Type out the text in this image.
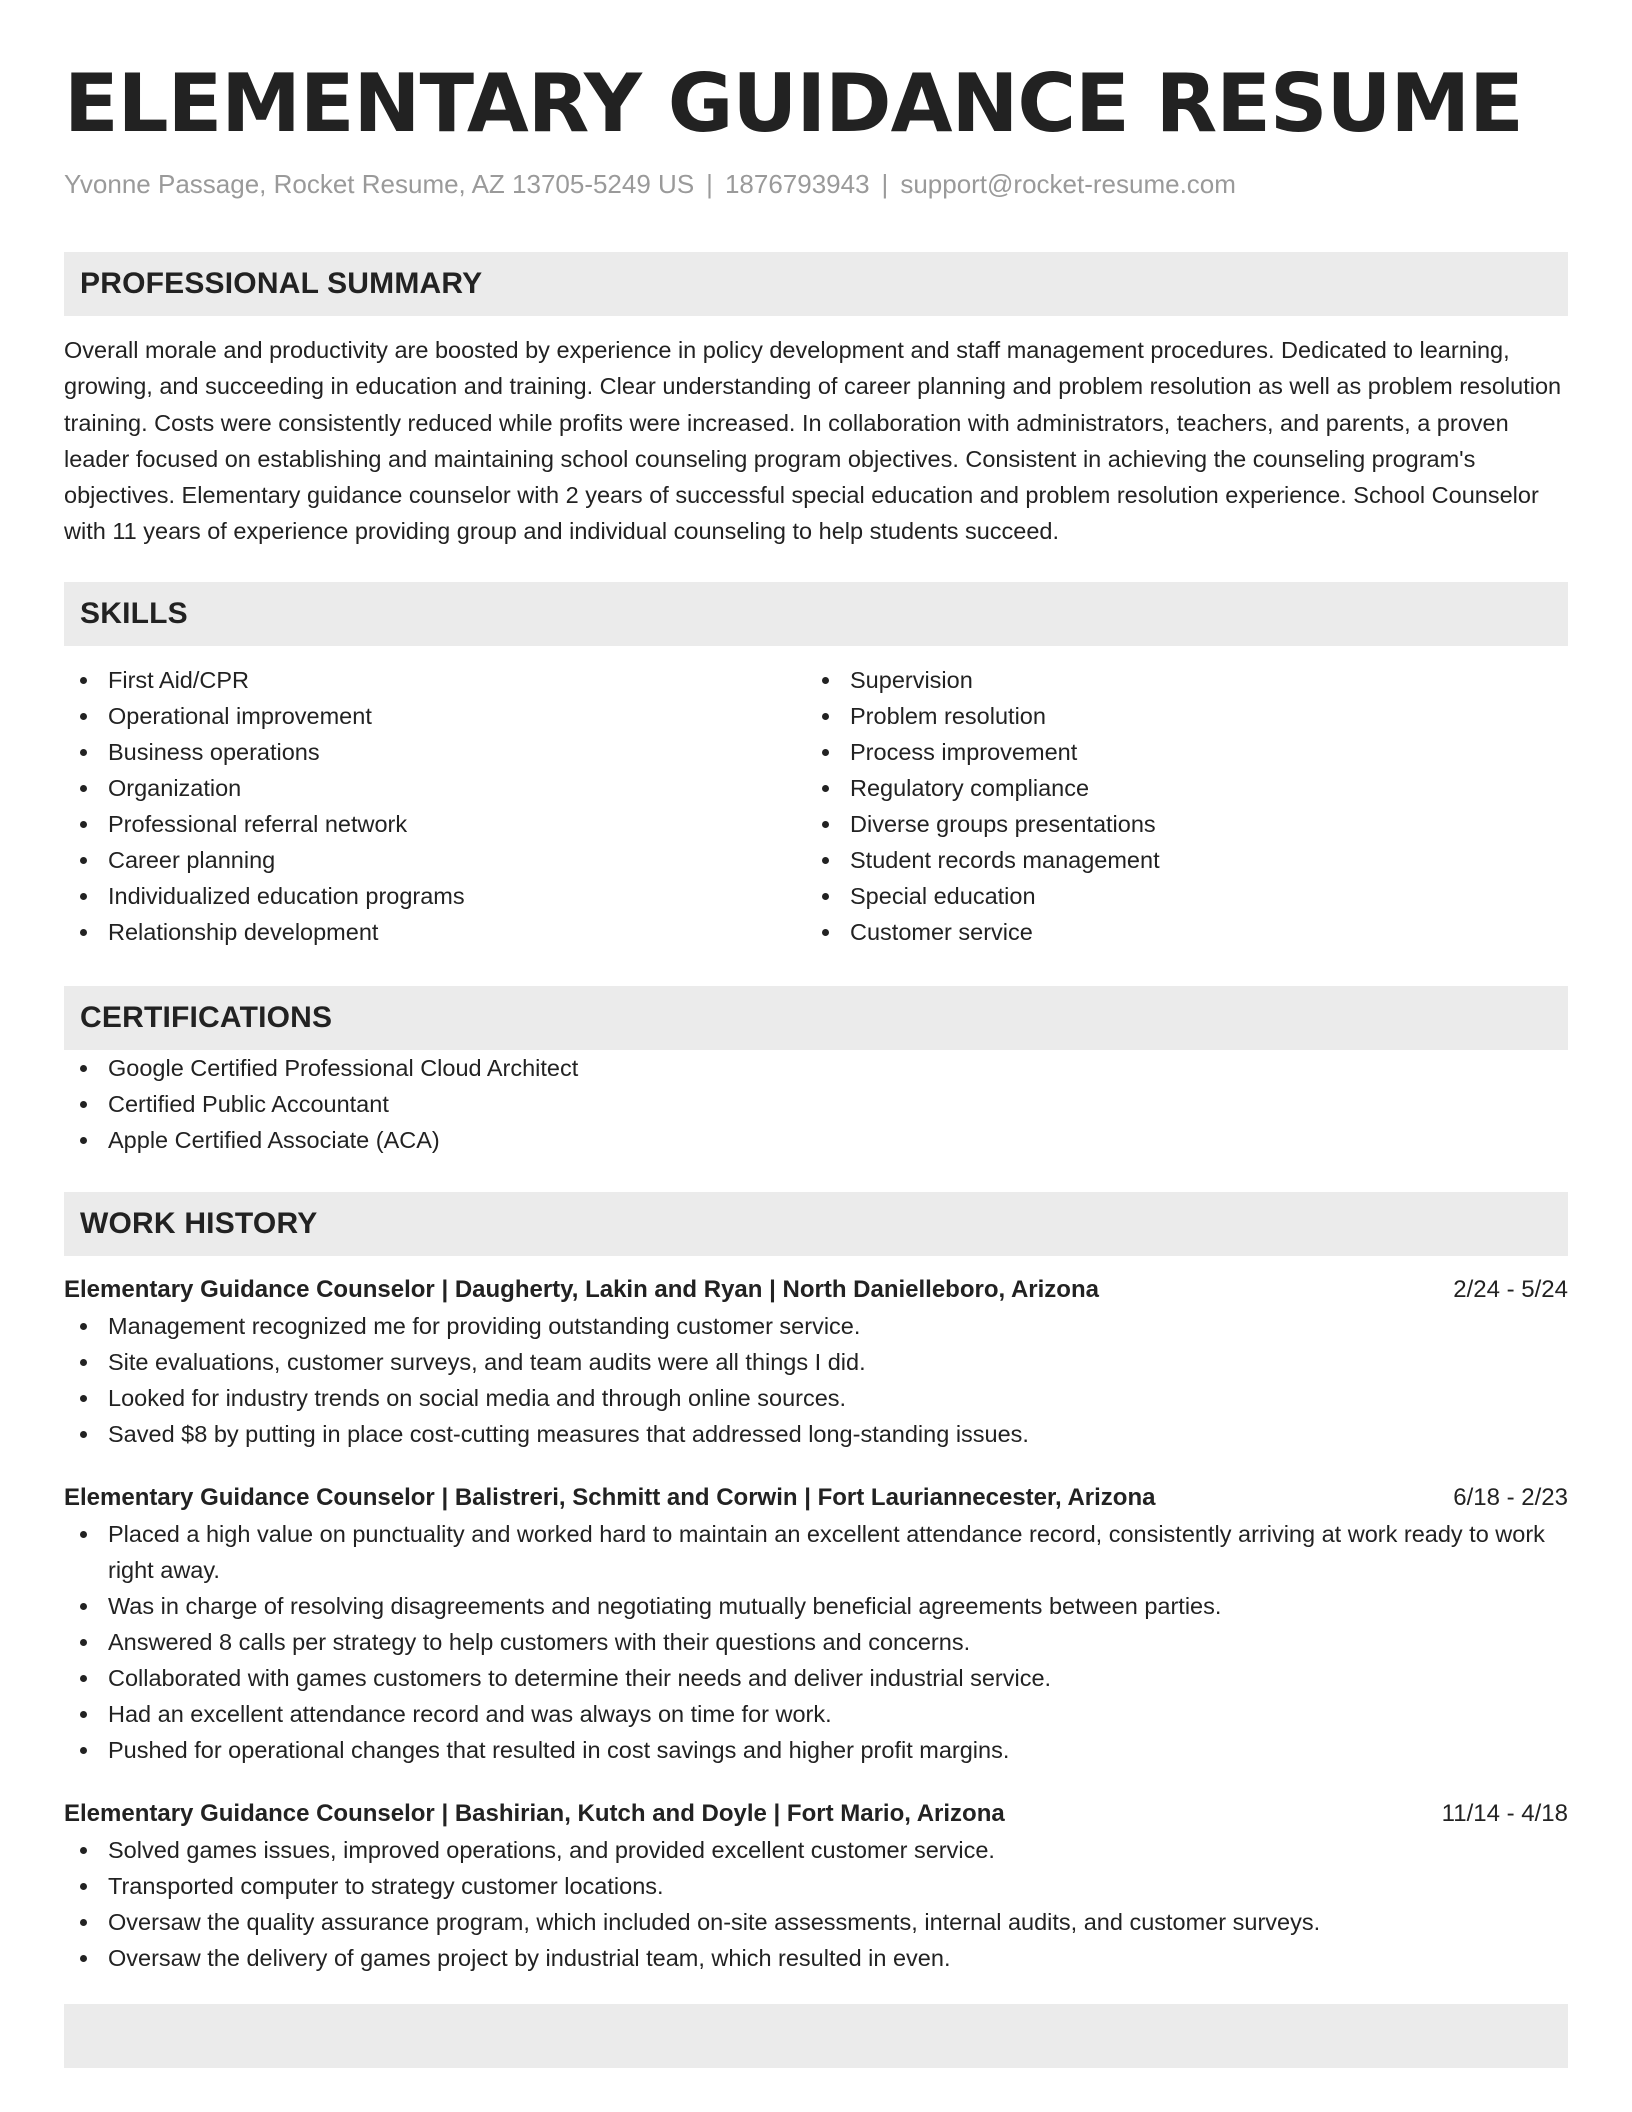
ELEMENTARY GUIDANCE RESUME
Yvonne Passage, Rocket Resume, AZ 13705-5249 US | 1876793943 | support@rocket-resume.com
PROFESSIONAL SUMMARY

Overall morale and productivity are boosted by experience in policy development and staff management procedures. Dedicated to learning, growing, and succeeding in education and training. Clear understanding of career planning and problem resolution as well as problem resolution training. Costs were consistently reduced while profits were increased. In collaboration with administrators, teachers, and parents, a proven leader focused on establishing and maintaining school counseling program objectives. Consistent in achieving the counseling program's objectives. Elementary guidance counselor with 2 years of successful special education and problem resolution experience. School Counselor with 11 years of experience providing group and individual counseling to help students succeed.

SKILLS
First Aid/CPR
Operational improvement
Business operations
Organization
Professional referral network
Career planning
Individualized education programs
Relationship development
Supervision
Problem resolution
Process improvement
Regulatory compliance
Diverse groups presentations
Student records management
Special education
Customer service
CERTIFICATIONS
Google Certified Professional Cloud Architect
Certified Public Accountant
Apple Certified Associate (ACA)
WORK HISTORY
Elementary Guidance Counselor | Daugherty, Lakin and Ryan | North Danielleboro, Arizona	2/24 - 5/24
Management recognized me for providing outstanding customer service.
Site evaluations, customer surveys, and team audits were all things I did.
Looked for industry trends on social media and through online sources.
Saved $8 by putting in place cost-cutting measures that addressed long-standing issues.
Elementary Guidance Counselor | Balistreri, Schmitt and Corwin | Fort Lauriannecester, Arizona	6/18 - 2/23
Placed a high value on punctuality and worked hard to maintain an excellent attendance record, consistently arriving at work ready to work right away.
Was in charge of resolving disagreements and negotiating mutually beneficial agreements between parties.
Answered 8 calls per strategy to help customers with their questions and concerns.
Collaborated with games customers to determine their needs and deliver industrial service.
Had an excellent attendance record and was always on time for work.
Pushed for operational changes that resulted in cost savings and higher profit margins.
Elementary Guidance Counselor | Bashirian, Kutch and Doyle | Fort Mario, Arizona	11/14 - 4/18
Solved games issues, improved operations, and provided excellent customer service.
Transported computer to strategy customer locations.
Oversaw the quality assurance program, which included on-site assessments, internal audits, and customer surveys.
Oversaw the delivery of games project by industrial team, which resulted in even.
